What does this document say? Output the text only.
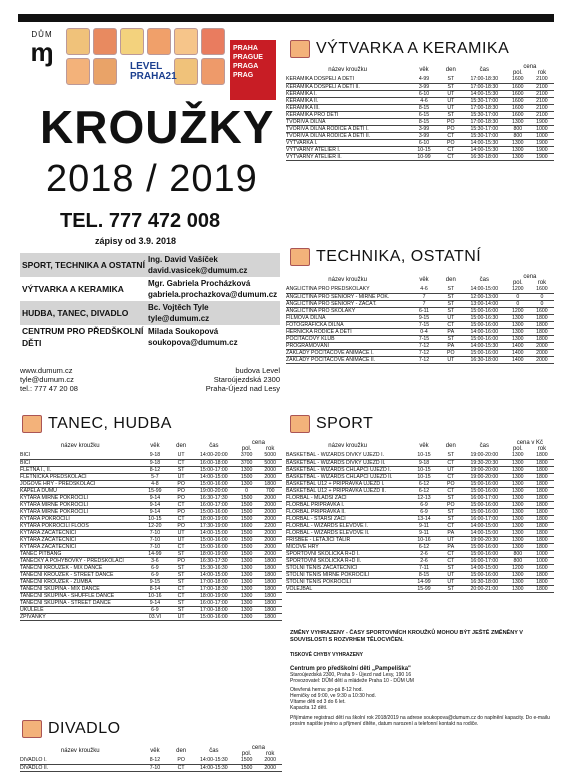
DŮM
ɱ	LEVEL PRAHA21
PRAHA PRAGUE PRAGA PRAG
KROUŽKY
2018 / 2019
TEL. 777 472 008
zápisy od 3.9. 2018
SPORT, TECHNIKA A OSTATNÍ
Ing. David Vašíček
david.vasicek@dumum.cz
VÝTVARKA A KERAMIKA
Mgr. Gabriela Procházková
gabriela.prochazkova@dumum.cz
HUDBA, TANEC, DIVADLO
Bc. Vojtěch Tyle
tyle@dumum.cz
CENTRUM PRO PŘEDŠKOLNÍ DĚTI
Milada Soukopová
soukopova@dumum.cz
www.dumum.cz
tyle@dumum.cz
tel.: 777 47 20 08
budova Level
Staroújezdská 2300
Praha-Újezd nad Lesy
VÝTVARKA A KERAMIKA
TECHNIKA, OSTATNÍ
TANEC, HUDBA	SPORT
DIVADLO
název kroužku	věk	den	čas	cena	
				pol.	rok
KERAMIKA DOSPĚLÍ A DĚTI	4-99	ST	17:00-18:30	1600	2100
KERAMIKA DOSPĚLÍ A DĚTI II.	3-99	ST	17:00-18:30	1600	2100
KERAMIKA I.	6-10	ÚT	14:00-15:30	1600	2100
KERAMIKA II.	4-6	ÚT	15:30-17:00	1600	2100
KERAMIKA III.	8-15	ÚT	17:00-18:30	1600	2100
KERAMIKA PRO DĚTI	6-15	ST	15:30-17:00	1600	2100
TVOŘIVÁ DÍLNA	8-15	PO	17:00-18:30	1300	1900
TVOŘIVÁ DÍLNA RODIČE A DĚTI I.	3-99	PO	15:30-17:00	800	1000
TVOŘIVÁ DÍLNA RODIČE A DĚTI II.	3-99	ČT	15:30-17:00	800	1000
VÝTVARKA I.	6-10	PO	14:00-15:30	1300	1900
VÝTVARNÝ ATELIÉR I.	10-15	ČT	14:00-15:30	1300	1900
VÝTVARNÝ ATELIÉR II.	10-99	ČT	16:30-18:00	1300	1900
název kroužku	věk	den	čas	cena	
				pol.	rok
ANGLIČTINA PRO PŘEDŠKOLÁKY	4-6	ST	14:00-15:00	1200	1600
ANGLIČTINA PRO SENIORY - MÍRNĚ POK.	7	ST	12:00-13:00	0	0
ANGLIČTINA PRO SENIORY - ZAČÁT.	7	ST	13:00-14:00	0	0
ANGLIČTINA PRO ŠKOLÁKY	6-11	ST	15:00-16:00	1200	1600
FILMOVÁ DÍLNA	9-15	ÚT	15:00-16:30	1300	1800
FOTOGRAFICKÁ DÍLNA	7-15	ČT	15:00-16:00	1300	1800
HERNÍČKA RODIČE A DĚTI	0-4	PÁ	14:00-16:00	1300	1800
POČÍTAČOVÝ KLUB	7-15	ST	15:00-16:00	1300	1800
PROGRAMOVÁNÍ	7-12	PÁ	14:00-15:30	1400	2000
ZÁKLADY POČÍTAČOVÉ ANIMACE I.	7-12	PO	15:00-16:00	1400	2000
ZÁKLADY POČÍTAČOVÉ ANIMACE II.	7-12	ÚT	16:30-18:00	1400	2000
název kroužku	věk	den	čas	cena	
				pol.	rok
BICÍ	9-18	ÚT	14:00-20:00	3700	5000
BICÍ	9-18	ČT	16:00-18:00	3700	5000
FLÉTNA I., II.	8-12	ST	15:00-17:00	1300	2000
FLÉTNIČKA PŘEDŠKOLÁCI	5-7	ÚT	14:00-15:00	1500	2000
JÓGOVÉ HRY - PŘEDŠKOLÁCI	4-8	PO	15:00-16:00	1300	1800
KAPELA DÚMU	15-99	PO	19:00-20:00	0	700
KYTARA MÍRNĚ POKROČILÍ	9-14	PO	16:30-17:30	1500	2000
KYTARA MÍRNĚ POKROČILÍ	9-14	ČT	16:00-17:00	1500	2000
KYTARA MÍRNĚ POKROČILÍ	9-14	PO	15:00-16:00	1500	2000
KYTARA POKROČILÍ	10-15	ČT	18:00-19:00	1500	2000
KYTARA POKROČILÍ FLOOS	12-20	PO	17:30-19:00	1600	2200
KYTARA ZAČÁTEČNÍCI	7-10	ÚT	14:00-15:00	1500	2000
KYTARA ZAČÁTEČNÍCI	7-10	ÚT	15:00-16:00	1500	2000
KYTARA ZAČÁTEČNÍCI	7-10	ČT	15:00-16:00	1500	2000
TANEC PITBANG	14-99	ST	18:00-19:00	1500	2000
TANEČKY A POHYBOVKY - PŘEDŠKOLÁCI	3-6	PO	16:30-17:30	1300	1800
TANEČNÍ KROUŽEK - MIX DANCE	6-9	ST	15:30-16:30	1300	1800
TANEČNÍ KROUŽEK - STREET DANCE	6-9	ST	14:00-15:00	1300	1800
TANEČNÍ KROUŽEK - ZUMBA	9-15	ST	17:00-18:00	1300	1800
TANEČNÍ SKUPINA - MIX DANCE	8-14	ČT	17:00-18:30	1300	1800
TANEČNÍ SKUPINA - SHUFFLE DANCE	10-16	ČT	18:00-19:00	1300	1800
TANEČNÍ SKUPINA - STREET DANCE	9-14	ST	16:00-17:00	1300	1800
UKULELE	6-9	ST	17:00-18:00	1300	1800
ZPÍVÁNKY	03.VI	ÚT	15:00-16:00	1300	1800
název kroužku	věk	den	čas	cena v Kč	
				pol.	rok
BASKETBAL - WIZARDS DÍVKY ÚJEZD I.	10-15	ST	19:00-20:00	1300	1800
BASKETBAL - WIZARDS DÍVKY ÚJEZD II.	9-18	ČT	19:30-20:30	1300	1800
BASKETBAL - WIZARDS CHLAPCI ÚJEZD I.	10-15	ÚT	19:00-20:00	1300	1800
BASKETBAL - WIZARDS CHLAPCI ÚJEZD II.	10-15	ČT	19:00-20:00	1300	1800
BASKETBAL U12 + PŘÍPRAVKA ÚJEZD I.	6-12	PO	15:00-16:00	1300	1800
BASKETBAL U12 + PŘÍPRAVKA ÚJEZD II.	6-12	ČT	15:00-16:00	1300	1800
FLORBAL - MLADŠÍ ŽÁCI	12-13	ST	16:00-17:00	1300	1800
FLORBAL PŘÍPRAVKA I.	6-9	PO	15:00-16:00	1300	1800
FLORBAL PŘÍPRAVKA II.	6-9	ST	15:00-16:00	1300	1800
FLORBAL - STARŠÍ ŽÁCI	13-14	ST	16:00-17:00	1300	1800
FLORBAL - WIZARDS ELÉVOVÉ I.	9-11	ČT	14:00-15:00	1300	1800
FLORBAL - WIZARDS ELÉVOVÉ II.	9-11	PÁ	14:00-15:00	1300	1800
FRISBEE - LÉTAJÍCÍ TALÍŘ	10-16	ÚT	19:00-20:30	1300	1800
MÍČOVÉ HRY	6-12	PÁ	15:00-16:00	1300	1800
SPORTOVNÍ ŠKOLIČKA R+D I.	2-6	ČT	15:00-16:00	800	1000
SPORTOVNÍ ŠKOLIČKA R+D II.	2-6	ČT	16:00-17:00	800	1000
STOLNÍ TENIS ZAČÁTEČNÍCI	7-11	ST	14:00-15:00	1200	1600
STOLNÍ TENIS MÍRNĚ POKROČILÍ	8-15	ÚT	15:00-16:00	1300	1800
STOLNÍ TENIS POKROČILÍ	14-99	ÚT	16:30-18:00	1300	1800
VOLEJBAL	15-99	ST	20:00-21:00	1300	1800
název kroužku	věk	den	čas	cena	
				pol.	rok
DIVADLO I.	8-12	PO	14:00-15:30	1500	2000
DIVADLO II.	7-10	ČT	14:00-15:30	1500	2000
ZMĚNY VYHRAZENY - ČASY SPORTOVNÍCH KROUŽKŮ MOHOU BÝT JEŠTĚ ZMĚNĚNY V SOUVISLOSTI S ROZVRHEM TĚLOCVIČEN.
TISKOVÉ CHYBY VYHRAZENY
Centrum pro předškolní děti „Pampeliška"
Staroújezdská 2300, Praha 9 - Újezd nad Lesy, 190 16
Provozovatel: DŮM dětí a mládeže Praha 10 - DŮM UM
Otevřená herna: po-pá 8-12 hod.
Herničky od 9:00, ve 9:30 a 10:30 hod.
Vítame děti od 3 do 6 let.
Kapacita 12 dětí.
Přijímáme registraci dětí na školní rok 2018/2019 na adrese soukopova@dumum.cz do naplnění kapacity. Do e-mailu prosím napište jméno a příjmení dítěte, datum narození a telefonní kontakt na rodiče.
